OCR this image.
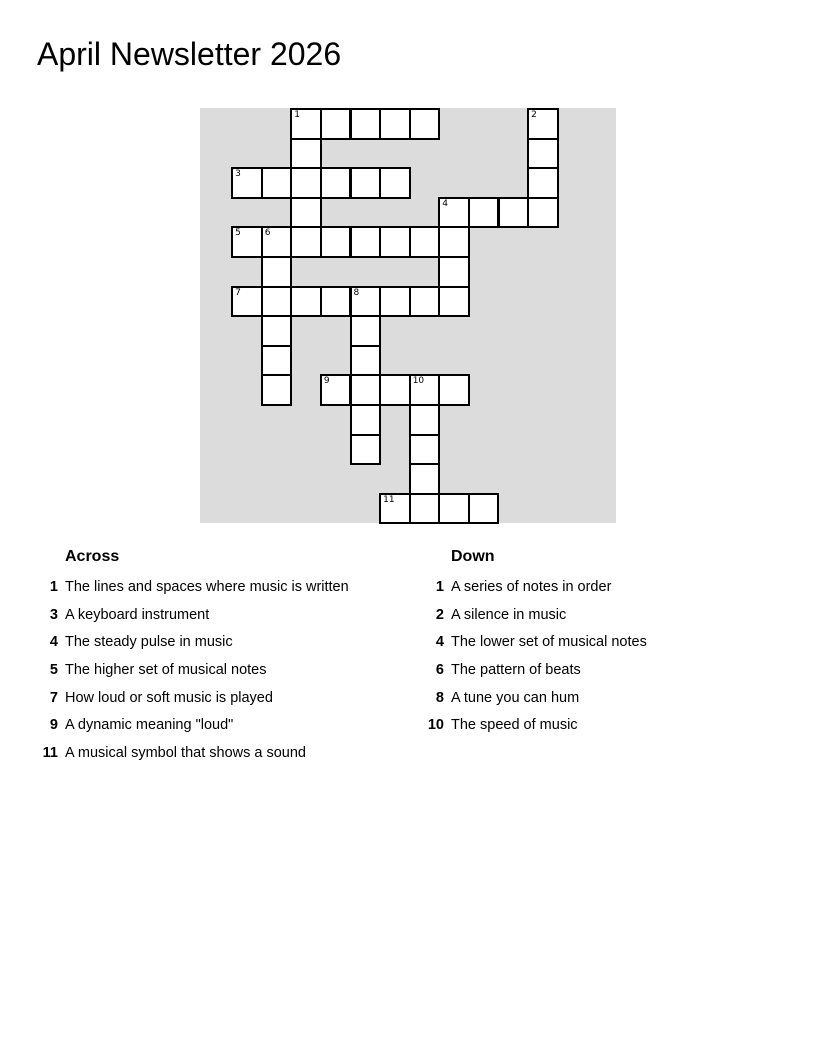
April Newsletter 2026
1	2
3
4
5	6
7	8
9	10
11
Across
1 The lines and spaces where music is written
3 A keyboard instrument
4 The steady pulse in music
5 The higher set of musical notes
7 How loud or soft music is played
9 A dynamic meaning "loud"
11 A musical symbol that shows a sound
Down
1 A series of notes in order
2 A silence in music
4 The lower set of musical notes
6 The pattern of beats
8 A tune you can hum
10 The speed of music
